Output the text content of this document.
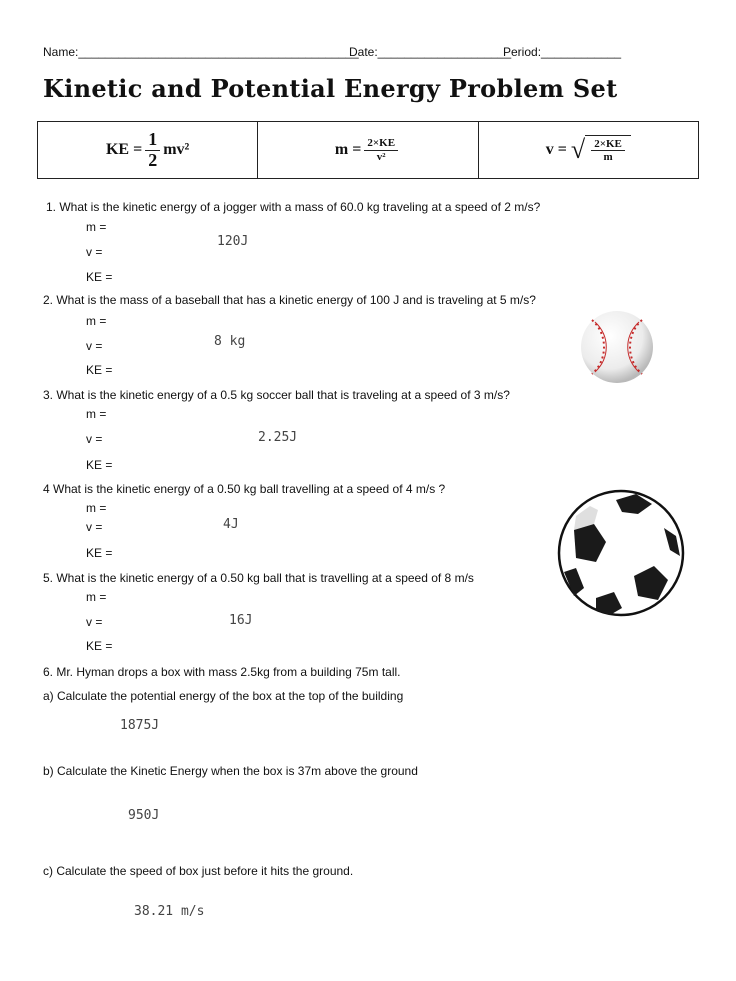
Name:__________________________________________
Date:____________________
Period:____________
Kinetic and Potential Energy Problem Set
KE = $\frac{1}{2} mv^2$	$m = \frac{2\times KE}{\text{v²}}$	v = √ $\frac{2\times KE}{m}$
1. What is the kinetic energy of a jogger with a mass of 60.0 kg traveling at a speed of 2 m/s?
m =
v =
KE =
120J
2. What is the mass of a baseball that has a kinetic energy of 100 J and is traveling at 5 m/s?
m =
v =
KE =
8 kg
3. What is the kinetic energy of a 0.5 kg soccer ball that is traveling at a speed of 3 m/s?
m =
v =
KE =
2.25J
4 What is the kinetic energy of a 0.50 kg ball travelling at a speed of 4 m/s ?
m =
v =
KE =
4J
5. What is the kinetic energy of a 0.50 kg ball that is travelling at a speed of 8 m/s
m =
v =
KE =
16J
6. Mr. Hyman drops a box with mass 2.5kg from a building 75m tall.
a) Calculate the potential energy of the box at the top of the building
1875J
b) Calculate the Kinetic Energy when the box is 37m above the ground
950J
c) Calculate the speed of box just before it hits the ground.
38.21 m/s
